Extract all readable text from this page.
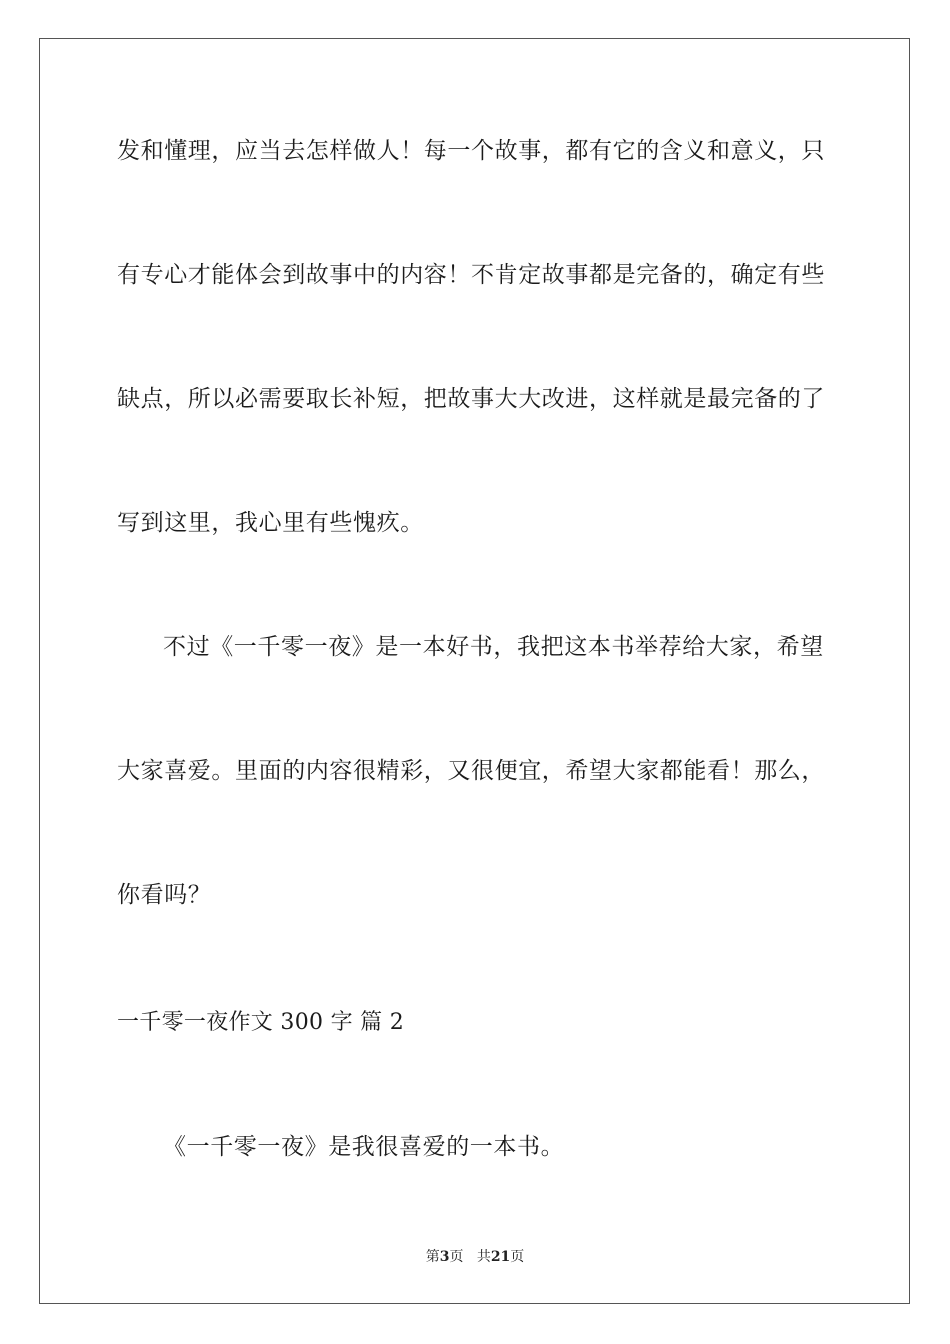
发和懂理，应当去怎样做人！每一个故事，都有它的含义和意义，只
有专心才能体会到故事中的内容！不肯定故事都是完备的，确定有些
缺点，所以必需要取长补短，把故事大大改进，这样就是最完备的了
写到这里，我心里有些愧疚。
不过《一千零一夜》是一本好书，我把这本书举荐给大家，希望
大家喜爱。里面的内容很精彩，又很便宜，希望大家都能看！那么，
你看吗？
一千零一夜作文 300 字 篇 2
《一千零一夜》是我很喜爱的一本书。
第3页 共21页
